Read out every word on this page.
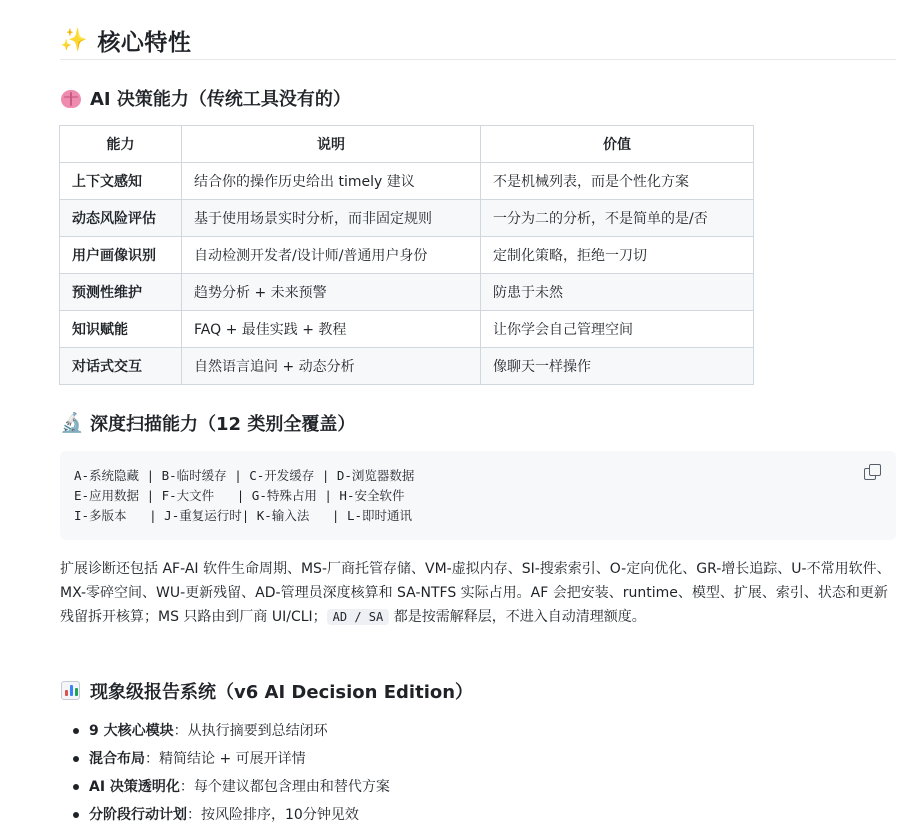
✨ 核心特性
AI 决策能力（传统工具没有的）
能力	说明	价值
上下文感知	结合你的操作历史给出 timely 建议	不是机械列表，而是个性化方案
动态风险评估	基于使用场景实时分析，而非固定规则	一分为二的分析，不是简单的是/否
用户画像识别	自动检测开发者/设计师/普通用户身份	定制化策略，拒绝一刀切
预测性维护	趋势分析 + 未来预警	防患于未然
知识赋能	FAQ + 最佳实践 + 教程	让你学会自己管理空间
对话式交互	自然语言追问 + 动态分析	像聊天一样操作
🔬 深度扫描能力（12 类别全覆盖）
A-系统隐藏 | B-临时缓存 | C-开发缓存 | D-浏览器数据
E-应用数据 | F-大文件   | G-特殊占用 | H-安全软件
I-多版本   | J-重复运行时| K-输入法   | L-即时通讯
扩展诊断还包括 AF-AI 软件生命周期、MS-厂商托管存储、VM-虚拟内存、SI-搜索索引、O-定向优化、GR-增长追踪、U-不常用软件、MX-零碎空间、WU-更新残留、AD-管理员深度核算和 SA-NTFS 实际占用。AF 会把安装、runtime、模型、扩展、索引、状态和更新残留拆开核算；MS 只路由到厂商 UI/CLI； AD / SA 都是按需解释层，不进入自动清理额度。
现象级报告系统（v6 AI Decision Edition）
9 大核心模块：从执行摘要到总结闭环
混合布局：精简结论 + 可展开详情
AI 决策透明化：每个建议都包含理由和替代方案
分阶段行动计划：按风险排序，10分钟见效
